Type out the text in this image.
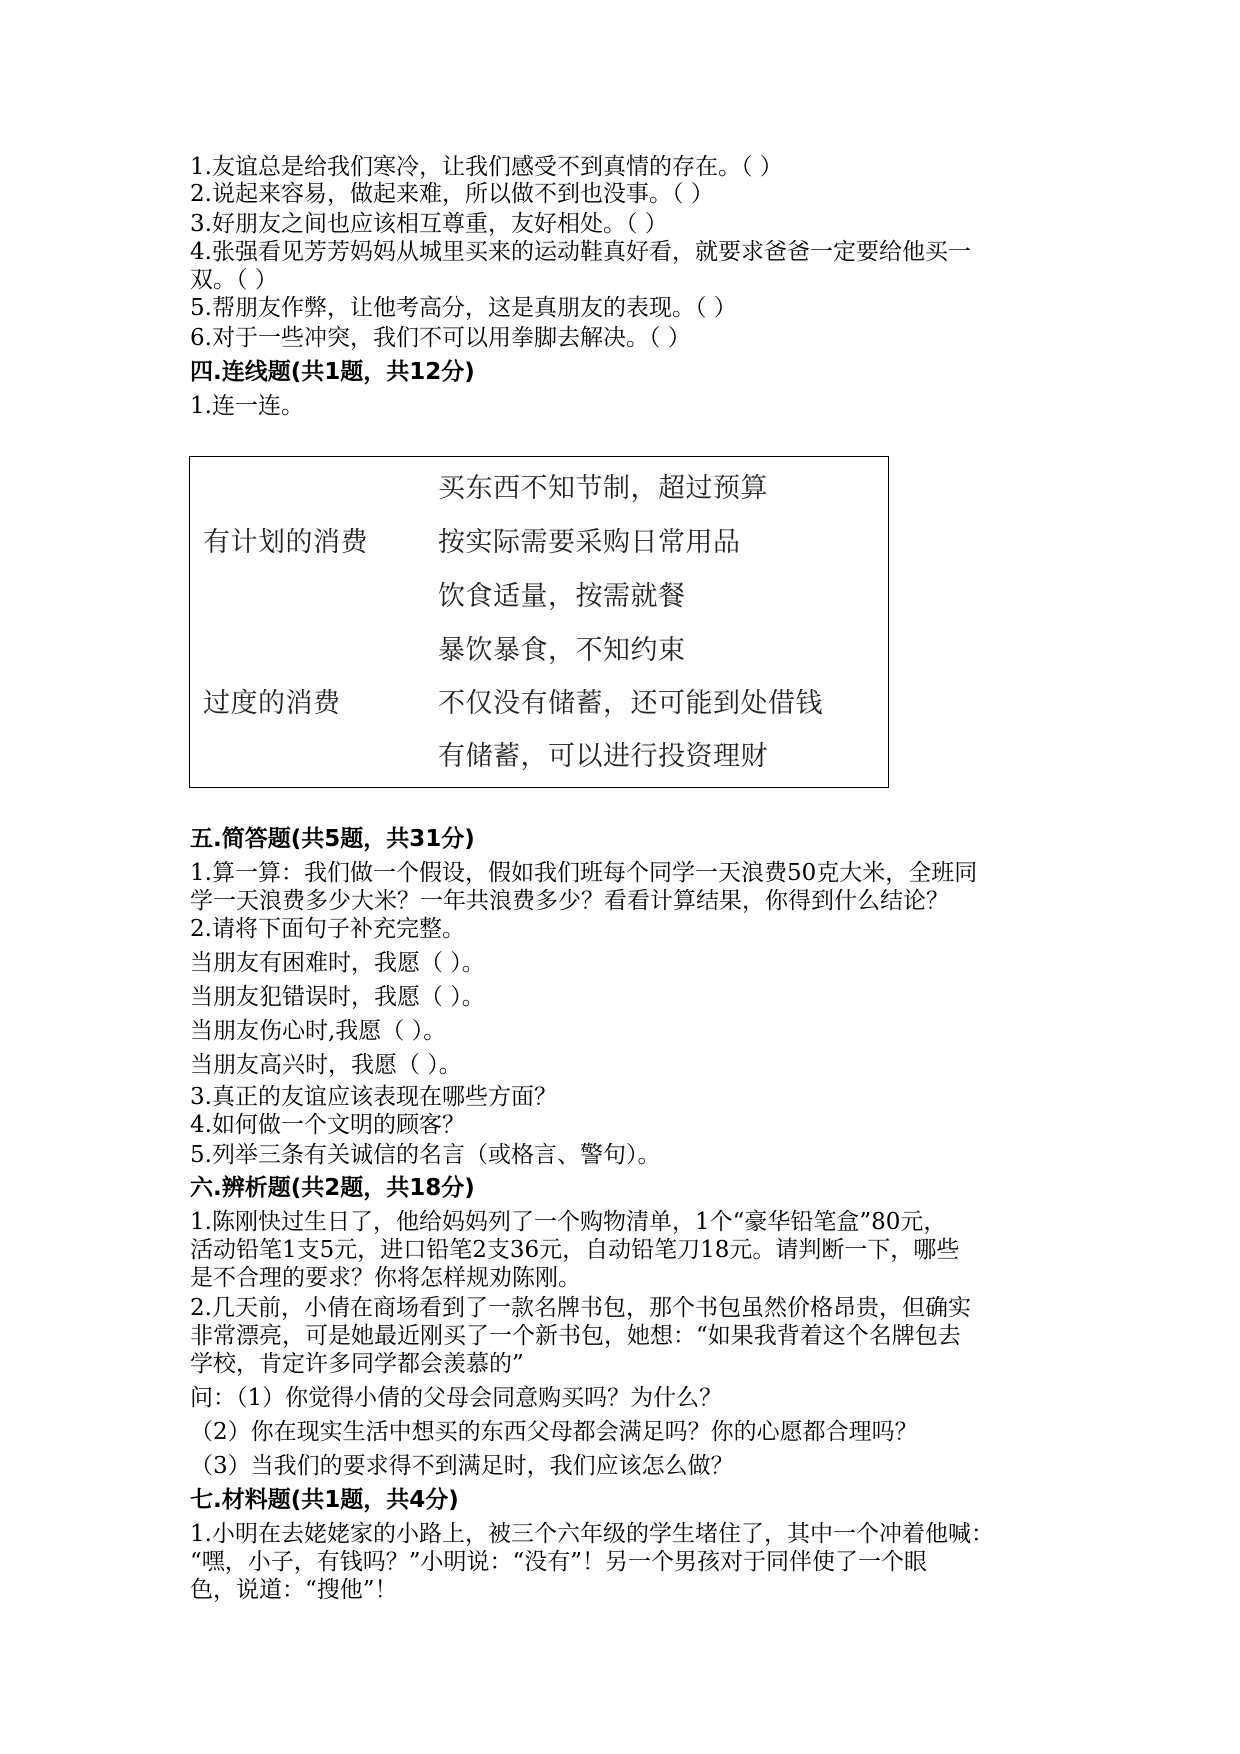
1.友谊总是给我们寒冷，让我们感受不到真情的存在。（ ）
2.说起来容易，做起来难，所以做不到也没事。（ ）
3.好朋友之间也应该相互尊重，友好相处。（ ）
4.张强看见芳芳妈妈从城里买来的运动鞋真好看，就要求爸爸一定要给他买一
双。（ ）
5.帮朋友作弊，让他考高分，这是真朋友的表现。（ ）
6.对于一些冲突，我们不可以用拳脚去解决。（ ）
四.连线题(共1题，共12分)
1.连一连。
有计划的消费
过度的消费
买东西不知节制，超过预算
按实际需要采购日常用品
饮食适量，按需就餐
暴饮暴食，不知约束
不仅没有储蓄，还可能到处借钱
有储蓄，可以进行投资理财
五.简答题(共5题，共31分)
1.算一算：我们做一个假设，假如我们班每个同学一天浪费50克大米，全班同
学一天浪费多少大米？一年共浪费多少？看看计算结果，你得到什么结论？
2.请将下面句子补充完整。
当朋友有困难时，我愿（ ）。
当朋友犯错误时，我愿（ ）。
当朋友伤心时,我愿（ ）。
当朋友高兴时，我愿（ ）。
3.真正的友谊应该表现在哪些方面？
4.如何做一个文明的顾客？
5.列举三条有关诚信的名言（或格言、警句）。
六.辨析题(共2题，共18分)
1.陈刚快过生日了，他给妈妈列了一个购物清单，1个“豪华铅笔盒”80元，
活动铅笔1支5元，进口铅笔2支36元，自动铅笔刀18元。请判断一下，哪些
是不合理的要求？你将怎样规劝陈刚。
2.几天前，小倩在商场看到了一款名牌书包，那个书包虽然价格昂贵，但确实
非常漂亮，可是她最近刚买了一个新书包，她想：“如果我背着这个名牌包去
学校，肯定许多同学都会羡慕的”
问：（1）你觉得小倩的父母会同意购买吗？为什么？
（2）你在现实生活中想买的东西父母都会满足吗？你的心愿都合理吗？
（3）当我们的要求得不到满足时，我们应该怎么做？
七.材料题(共1题，共4分)
1.小明在去姥姥家的小路上，被三个六年级的学生堵住了，其中一个冲着他喊：
“嘿，小子，有钱吗？”小明说：“没有”！另一个男孩对于同伴使了一个眼
色，说道：“搜他”！
